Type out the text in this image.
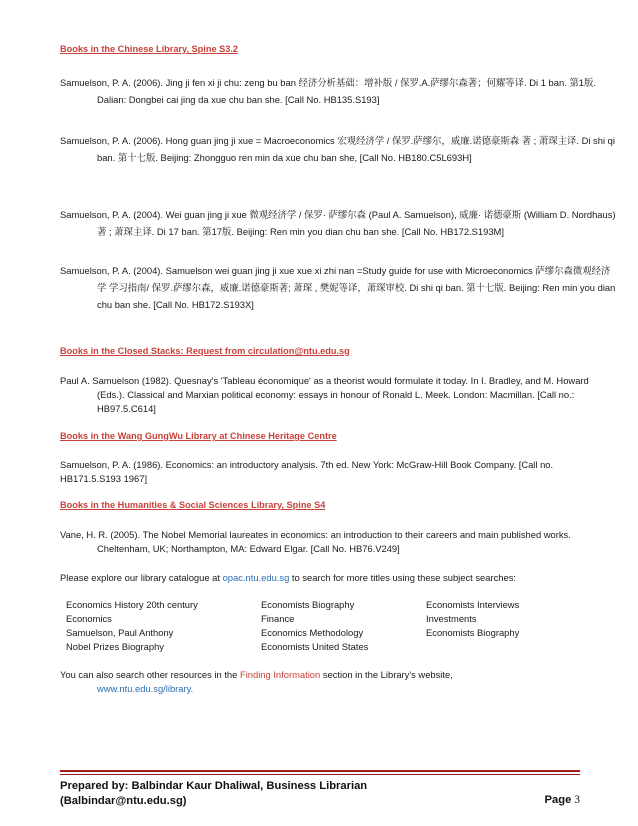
Books in the Chinese Library, Spine S3.2
Samuelson, P. A. (2006). Jing ji fen xi ji chu: zeng bu ban 经济分析基础：增补版 / 保罗.A.萨缪尔森著；何耀等译. Di 1 ban. 第1版. Dalian: Dongbei cai jing da xue chu ban she. [Call No. HB135.S193]
Samuelson, P. A. (2006). Hong guan jing ji xue = Macroeconomics 宏观经济学 / 保罗.萨缪尔，威廉.诺德豪斯森 著 ; 萧琛主译. Di shi qi ban. 第十七版. Beijing: Zhongguo ren min da xue chu ban she, [Call No. HB180.C5L693H]
Samuelson, P. A. (2004). Wei guan jing ji xue 微观经济学 / 保罗· 萨缪尔森 (Paul A. Samuelson), 威廉· 诺德豪斯 (William D. Nordhaus) 著 ; 萧琛主译. Di 17 ban. 第17版. Beijing: Ren min you dian chu ban she. [Call No. HB172.S193M]
Samuelson, P. A. (2004). Samuelson wei guan jing ji xue xue xi zhi nan =Study guide for use with Microeconomics 萨缪尔森微观经济学 学习指南/ 保罗.萨缪尔森，威廉.诺德豪斯著; 萧琛 , 樊妮等译，萧琛审校. Di shi qi ban. 第十七版. Beijing: Ren min you dian chu ban she. [Call No. HB172.S193X]
Books in the Closed Stacks: Request from circulation@ntu.edu.sg
Paul A. Samuelson (1982). Quesnay's 'Tableau économique' as a theorist would formulate it today. In I. Bradley, and M. Howard (Eds.). Classical and Marxian political economy: essays in honour of Ronald L. Meek. London: Macmillan. [Call no.: HB97.5.C614]
Books in the Wang GungWu Library at Chinese Heritage Centre
Samuelson, P. A. (1986). Economics: an introductory analysis. 7th ed. New York: McGraw-Hill Book Company. [Call no. HB171.5.S193 1967]
Books in the Humanities & Social Sciences Library, Spine S4
Vane, H. R. (2005). The Nobel Memorial laureates in economics: an introduction to their careers and main published works. Cheltenham, UK; Northampton, MA: Edward Elgar. [Call No. HB76.V249]
Please explore our library catalogue at opac.ntu.edu.sg to search for more titles using these subject searches:
Economics History 20th century
Economics
Samuelson, Paul Anthony
Nobel Prizes Biography
Economists Biography
Finance
Economics Methodology
Economists United States
Economists Interviews
Investments
Economists Biography
You can also search other resources in the Finding Information section in the Library's website,
www.ntu.edu.sg/library.
Prepared by: Balbindar Kaur Dhaliwal, Business Librarian
(Balbindar@ntu.edu.sg)	Page 3
